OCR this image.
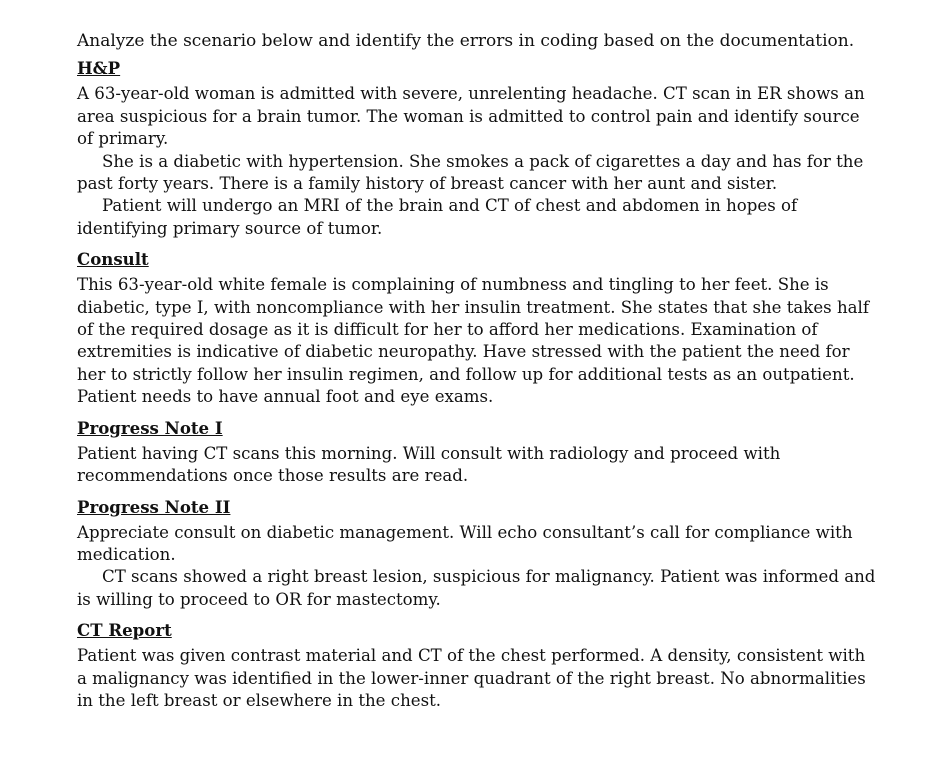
Analyze the scenario below and identify the errors in coding based on the documentation.

H&P

A 63-year-old woman is admitted with severe, unrelenting headache. CT scan in ER shows an area suspicious for a brain tumor. The woman is admitted to control pain and identify source of primary.

She is a diabetic with hypertension. She smokes a pack of cigarettes a day and has for the past forty years. There is a family history of breast cancer with her aunt and sister.

Patient will undergo an MRI of the brain and CT of chest and abdomen in hopes of identifying primary source of tumor.

Consult

This 63-year-old white female is complaining of numbness and tingling to her feet. She is diabetic, type I, with noncompliance with her insulin treatment. She states that she takes half of the required dosage as it is difficult for her to afford her medications. Examination of extremities is indicative of diabetic neuropathy. Have stressed with the patient the need for her to strictly follow her insulin regimen, and follow up for additional tests as an outpatient. Patient needs to have annual foot and eye exams.

Progress Note I

Patient having CT scans this morning. Will consult with radiology and proceed with recommendations once those results are read.

Progress Note II

Appreciate consult on diabetic management. Will echo consultant’s call for compliance with medication.

CT scans showed a right breast lesion, suspicious for malignancy. Patient was informed and is willing to proceed to OR for mastectomy.

CT Report

Patient was given contrast material and CT of the chest performed. A density, consistent with a malignancy was identified in the lower-inner quadrant of the right breast. No abnormalities in the left breast or elsewhere in the chest.
